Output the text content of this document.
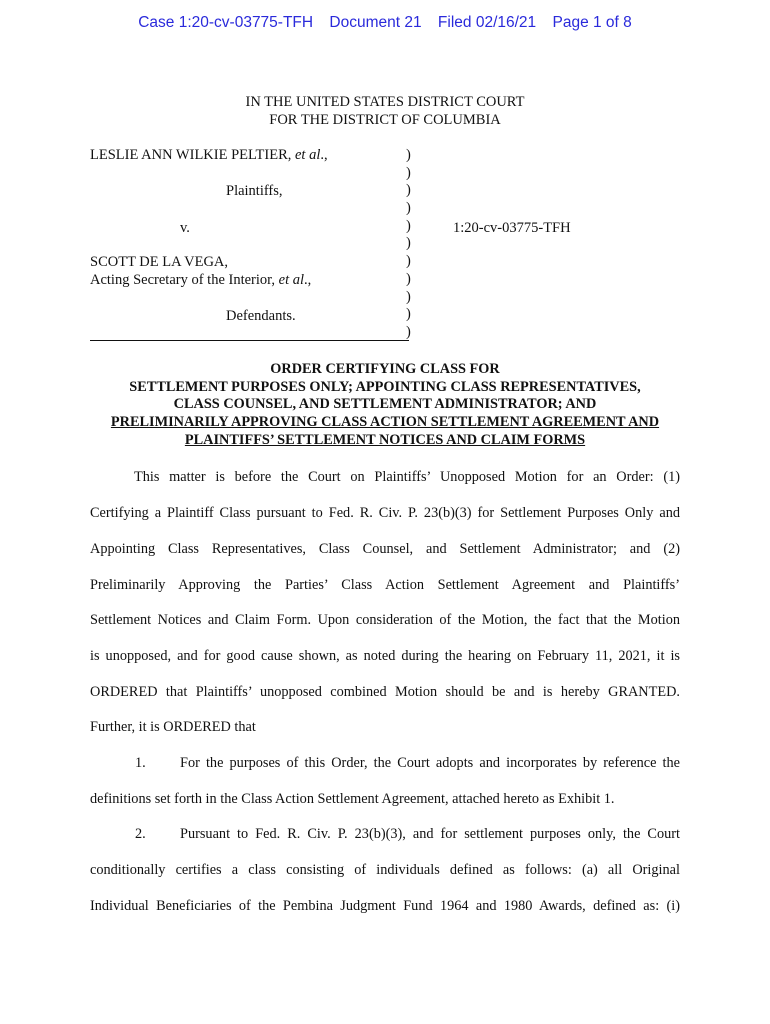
Case 1:20-cv-03775-TFH Document 21 Filed 02/16/21 Page 1 of 8
IN THE UNITED STATES DISTRICT COURT
FOR THE DISTRICT OF COLUMBIA
LESLIE ANN WILKIE PELTIER, et al.,
Plaintiffs,
v.
SCOTT DE LA VEGA,
Acting Secretary of the Interior, et al.,
Defendants.
)
)
)
)
)
)
)
)
)
)
)
1:20-cv-03775-TFH
ORDER CERTIFYING CLASS FOR
SETTLEMENT PURPOSES ONLY; APPOINTING CLASS REPRESENTATIVES,
CLASS COUNSEL, AND SETTLEMENT ADMINISTRATOR; AND
PRELIMINARILY APPROVING CLASS ACTION SETTLEMENT AGREEMENT AND
PLAINTIFFS’ SETTLEMENT NOTICES AND CLAIM FORMS
This matter is before the Court on Plaintiffs’ Unopposed Motion for an Order: (1)
Certifying a Plaintiff Class pursuant to Fed. R. Civ. P. 23(b)(3) for Settlement Purposes Only and
Appointing Class Representatives, Class Counsel, and Settlement Administrator; and (2)
Preliminarily Approving the Parties’ Class Action Settlement Agreement and Plaintiffs’
Settlement Notices and Claim Form. Upon consideration of the Motion, the fact that the Motion
is unopposed, and for good cause shown, as noted during the hearing on February 11, 2021, it is
ORDERED that Plaintiffs’ unopposed combined Motion should be and is hereby GRANTED.
Further, it is ORDERED that
1. For the purposes of this Order, the Court adopts and incorporates by reference the
definitions set forth in the Class Action Settlement Agreement, attached hereto as Exhibit 1.
2. Pursuant to Fed. R. Civ. P. 23(b)(3), and for settlement purposes only, the Court
conditionally certifies a class consisting of individuals defined as follows: (a) all Original
Individual Beneficiaries of the Pembina Judgment Fund 1964 and 1980 Awards, defined as: (i)
